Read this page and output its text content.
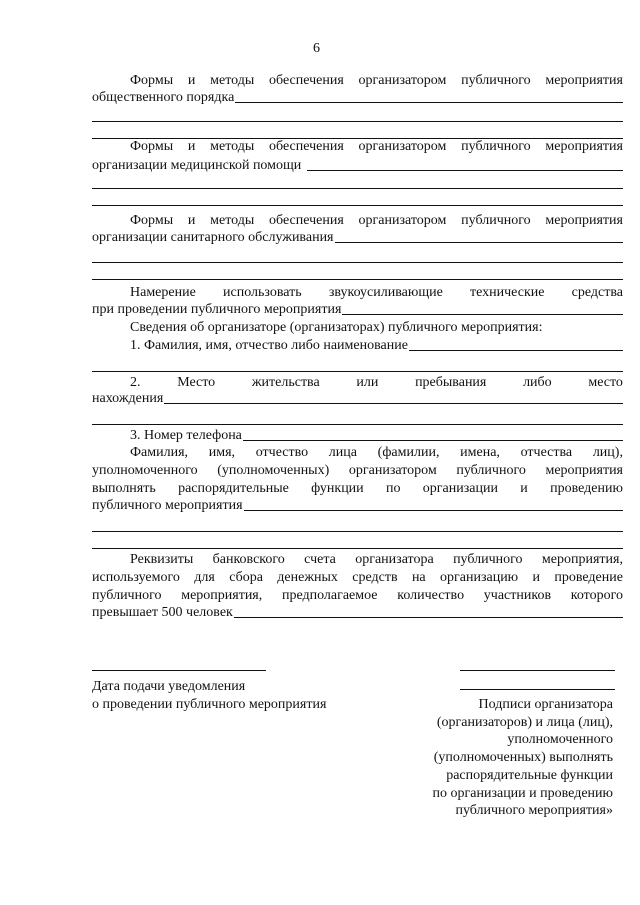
6
Формы и методы обеспечения организатором публичного мероприятия
общественного порядка
Формы и методы обеспечения организатором публичного мероприятия
организации медицинской помощи
Формы и методы обеспечения организатором публичного мероприятия
организации санитарного обслуживания
Намерение использовать звукоусиливающие технические средства
при проведении публичного мероприятия
Сведения об организаторе (организаторах) публичного мероприятия:
1. Фамилия, имя, отчество либо наименование
2.	Место	жительства	или	пребывания	либо	место
нахождения
3. Номер телефона
Фамилия, имя, отчество лица (фамилии, имена, отчества лиц),
уполномоченного (уполномоченных) организатором публичного мероприятия
выполнять распорядительные функции по организации и проведению
публичного мероприятия
Реквизиты банковского счета организатора публичного мероприятия,
используемого для сбора денежных средств на организацию и проведение
публичного мероприятия, предполагаемое количество участников которого
превышает 500 человек
Дата подачи уведомления
о проведении публичного мероприятия	Подписи организатора
(организаторов) и лица (лиц),
уполномоченного
(уполномоченных) выполнять
распорядительные функции
по организации и проведению
публичного мероприятия»
